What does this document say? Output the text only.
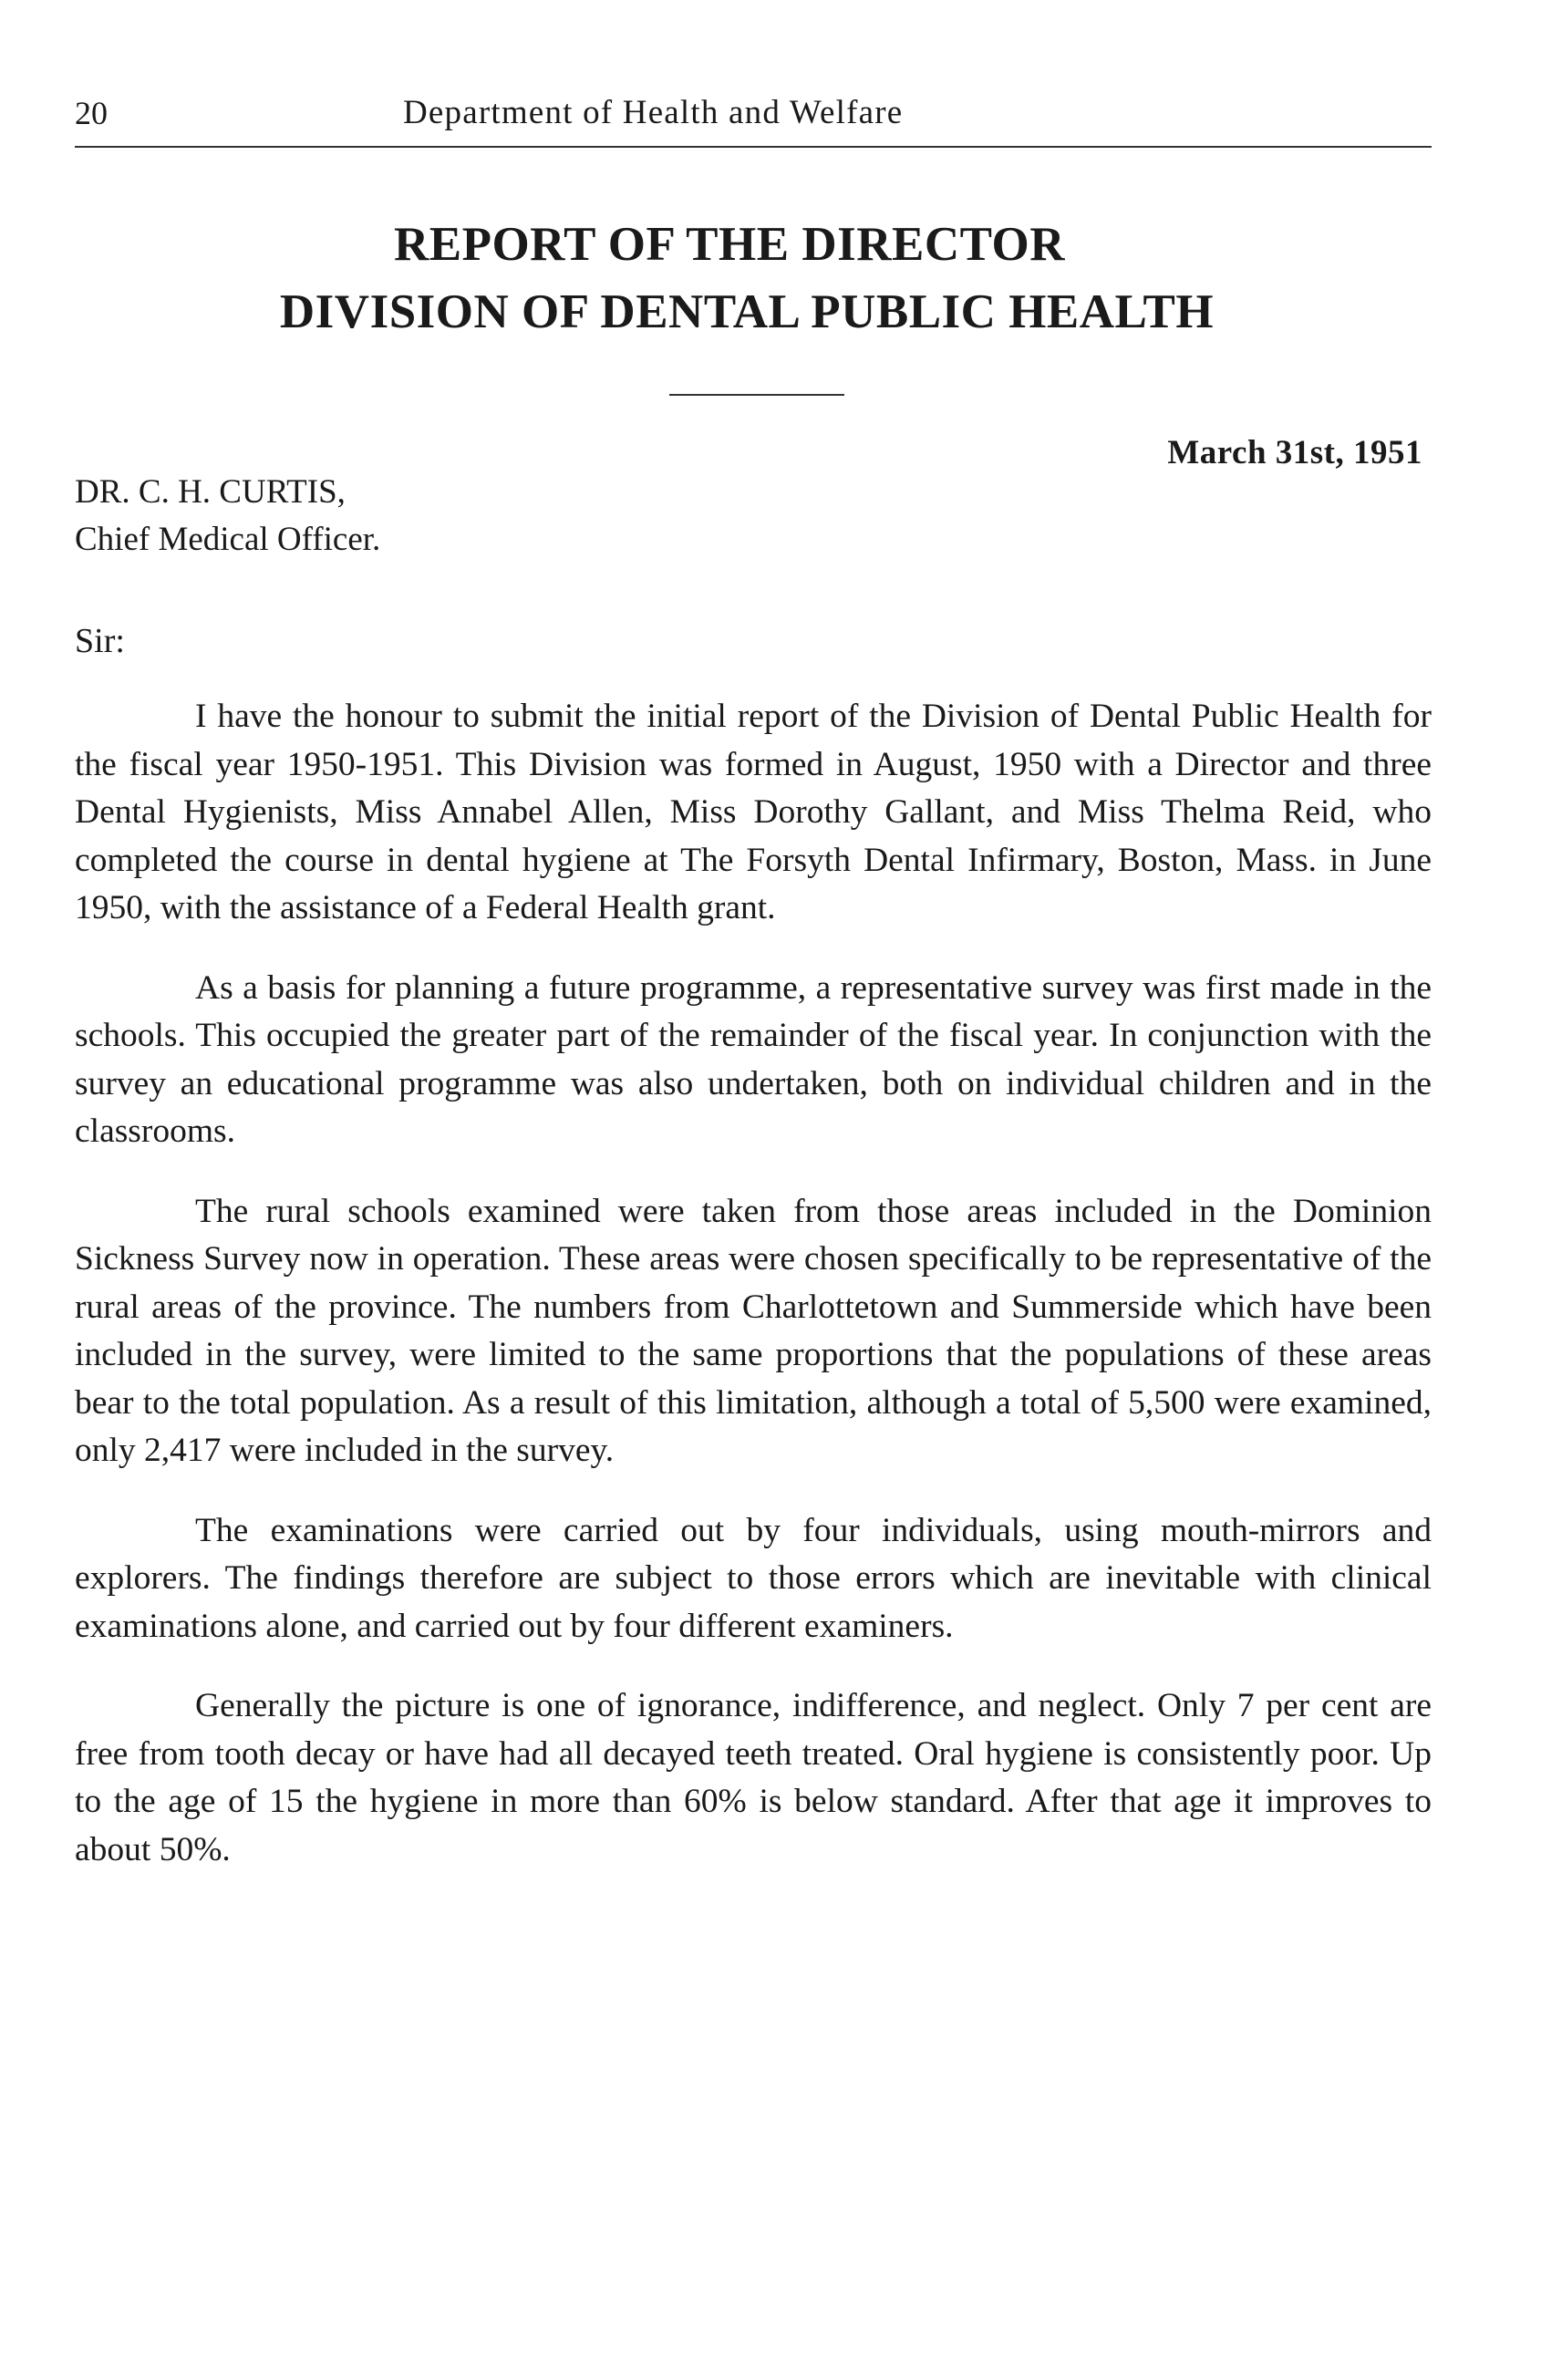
20	Department of Health and Welfare
REPORT OF THE DIRECTOR
DIVISION OF DENTAL PUBLIC HEALTH
March 31st, 1951
DR. C. H. CURTIS,
Chief Medical Officer.
Sir:

I have the honour to submit the initial report of the Division of Dental Public Health for the fiscal year 1950-1951. This Division was formed in August, 1950 with a Director and three Dental Hygienists, Miss Annabel Allen, Miss Dorothy Gallant, and Miss Thelma Reid, who completed the course in dental hygiene at The Forsyth Dental Infirmary, Boston, Mass. in June 1950, with the assistance of a Federal Health grant.

As a basis for planning a future programme, a representative survey was first made in the schools. This occupied the greater part of the remainder of the fiscal year. In conjunction with the survey an educational programme was also undertaken, both on individual children and in the classrooms.

The rural schools examined were taken from those areas included in the Dominion Sickness Survey now in operation. These areas were chosen specifically to be representative of the rural areas of the province. The numbers from Charlottetown and Summerside which have been included in the survey, were limited to the same proportions that the populations of these areas bear to the total population. As a result of this limitation, although a total of 5,500 were examined, only 2,417 were included in the survey.

The examinations were carried out by four individuals, using mouth-mirrors and explorers. The findings therefore are subject to those errors which are inevitable with clinical examinations alone, and carried out by four different examiners.

Generally the picture is one of ignorance, indifference, and neglect. Only 7 per cent are free from tooth decay or have had all decayed teeth treated. Oral hygiene is consistently poor. Up to the age of 15 the hygiene in more than 60% is below standard. After that age it improves to about 50%.
